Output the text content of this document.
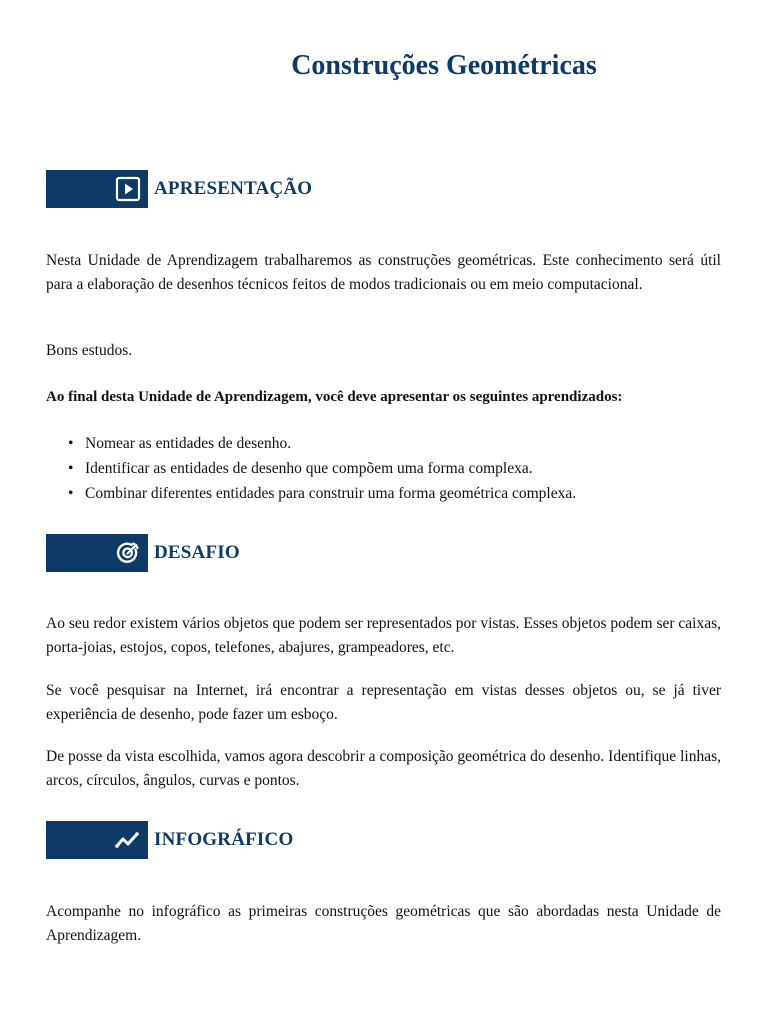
Construções Geométricas
APRESENTAÇÃO

Nesta Unidade de Aprendizagem trabalharemos as construções geométricas. Este conhecimento será útil para a elaboração de desenhos técnicos feitos de modos tradicionais ou em meio computacional.

Bons estudos.

Ao final desta Unidade de Aprendizagem, você deve apresentar os seguintes aprendizados:

• Nomear as entidades de desenho.
• Identificar as entidades de desenho que compõem uma forma complexa.
• Combinar diferentes entidades para construir uma forma geométrica complexa.
DESAFIO

Ao seu redor existem vários objetos que podem ser representados por vistas. Esses objetos podem ser caixas, porta-joias, estojos, copos, telefones, abajures, grampeadores, etc.

Se você pesquisar na Internet, irá encontrar a representação em vistas desses objetos ou, se já tiver experiência de desenho, pode fazer um esboço.

De posse da vista escolhida, vamos agora descobrir a composição geométrica do desenho. Identifique linhas, arcos, círculos, ângulos, curvas e pontos.

INFOGRÁFICO

Acompanhe no infográfico as primeiras construções geométricas que são abordadas nesta Unidade de Aprendizagem.
